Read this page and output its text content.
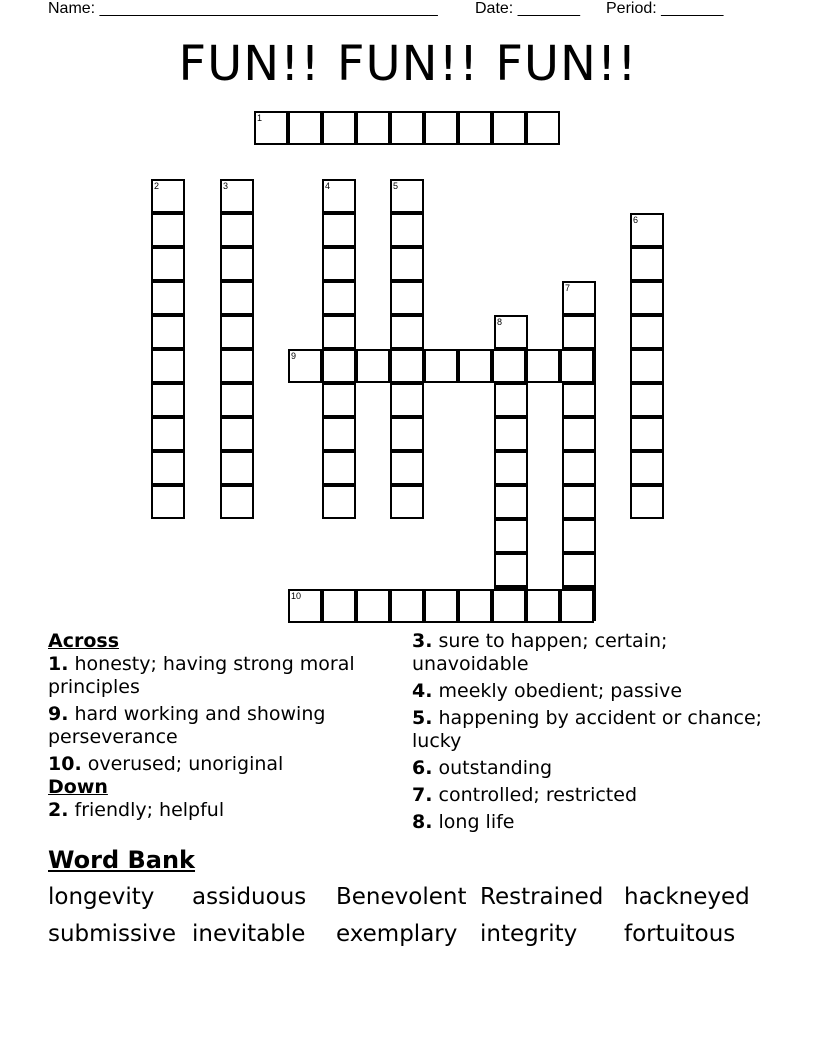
Name: ______________________________________ Date: _______ Period: _______
FUN!! FUN!! FUN!!
1
2	3	4	5
6
7
8
9
10
Across
1. honesty; having strong moral principles
9. hard working and showing perseverance
10. overused; unoriginal
Down
2. friendly; helpful
3. sure to happen; certain; unavoidable
4. meekly obedient; passive
5. happening by accident or chance; lucky
6. outstanding
7. controlled; restricted
8. long life
Word Bank
longevity assiduous Benevolent Restrained hackneyed
submissive inevitable exemplary integrity fortuitous
